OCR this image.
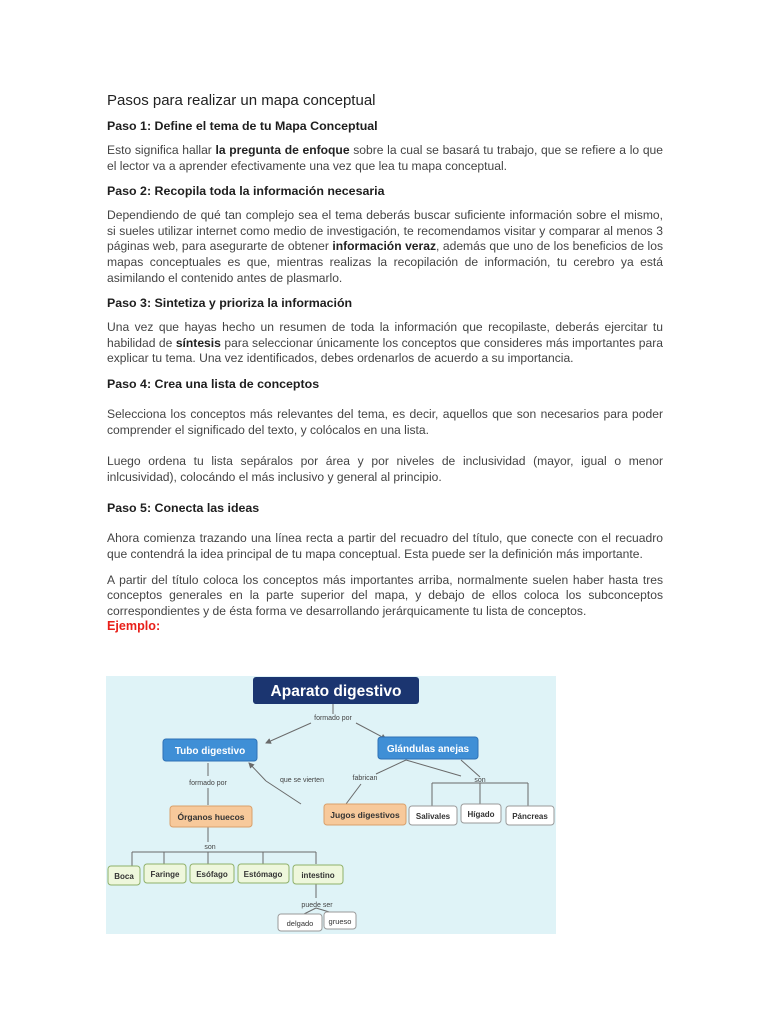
Pasos para realizar un mapa conceptual
Paso 1: Define el tema de tu Mapa Conceptual

Esto significa hallar la pregunta de enfoque sobre la cual se basará tu trabajo, que se refiere a lo que el lector va a aprender efectivamente una vez que lea tu mapa conceptual.

Paso 2: Recopila toda la información necesaria

Dependiendo de qué tan complejo sea el tema deberás buscar suficiente información sobre el mismo, si sueles utilizar internet como medio de investigación, te recomendamos visitar y comparar al menos 3 páginas web, para asegurarte de obtener información veraz, además que uno de los beneficios de los mapas conceptuales es que, mientras realizas la recopilación de información, tu cerebro ya está asimilando el contenido antes de plasmarlo.

Paso 3: Sintetiza y prioriza la información

Una vez que hayas hecho un resumen de toda la información que recopilaste, deberás ejercitar tu habilidad de síntesis para seleccionar únicamente los conceptos que consideres más importantes para explicar tu tema. Una vez identificados, debes ordenarlos de acuerdo a su importancia.

Paso 4: Crea una lista de conceptos

Selecciona los conceptos más relevantes del tema, es decir, aquellos que son necesarios para poder comprender el significado del texto, y colócalos en una lista.

Luego ordena tu lista sepáralos por área y por niveles de inclusividad (mayor, igual o menor inlcusividad), colocándo el más inclusivo y general al principio.

Paso 5: Conecta las ideas

Ahora comienza trazando una línea recta a partir del recuadro del título, que conecte con el recuadro que contendrá la idea principal de tu mapa conceptual. Esta puede ser la definición más importante.

A partir del título coloca los conceptos más importantes arriba, normalmente suelen haber hasta tres conceptos generales en la parte superior del mapa, y debajo de ellos coloca los subconceptos correspondientes y de ésta forma ve desarrollando jerárquicamente tu lista de conceptos.

Ejemplo:

Aparato digestivo
formado por
Tubo digestivo	Glándulas anejas
formado por	que se vierten	fabrican	son
Órganos huecos	Jugos digestivos Salivales Hígado Páncreas
son
Boca Faringe Esófago Estómago intestino
puede ser
delgado grueso
